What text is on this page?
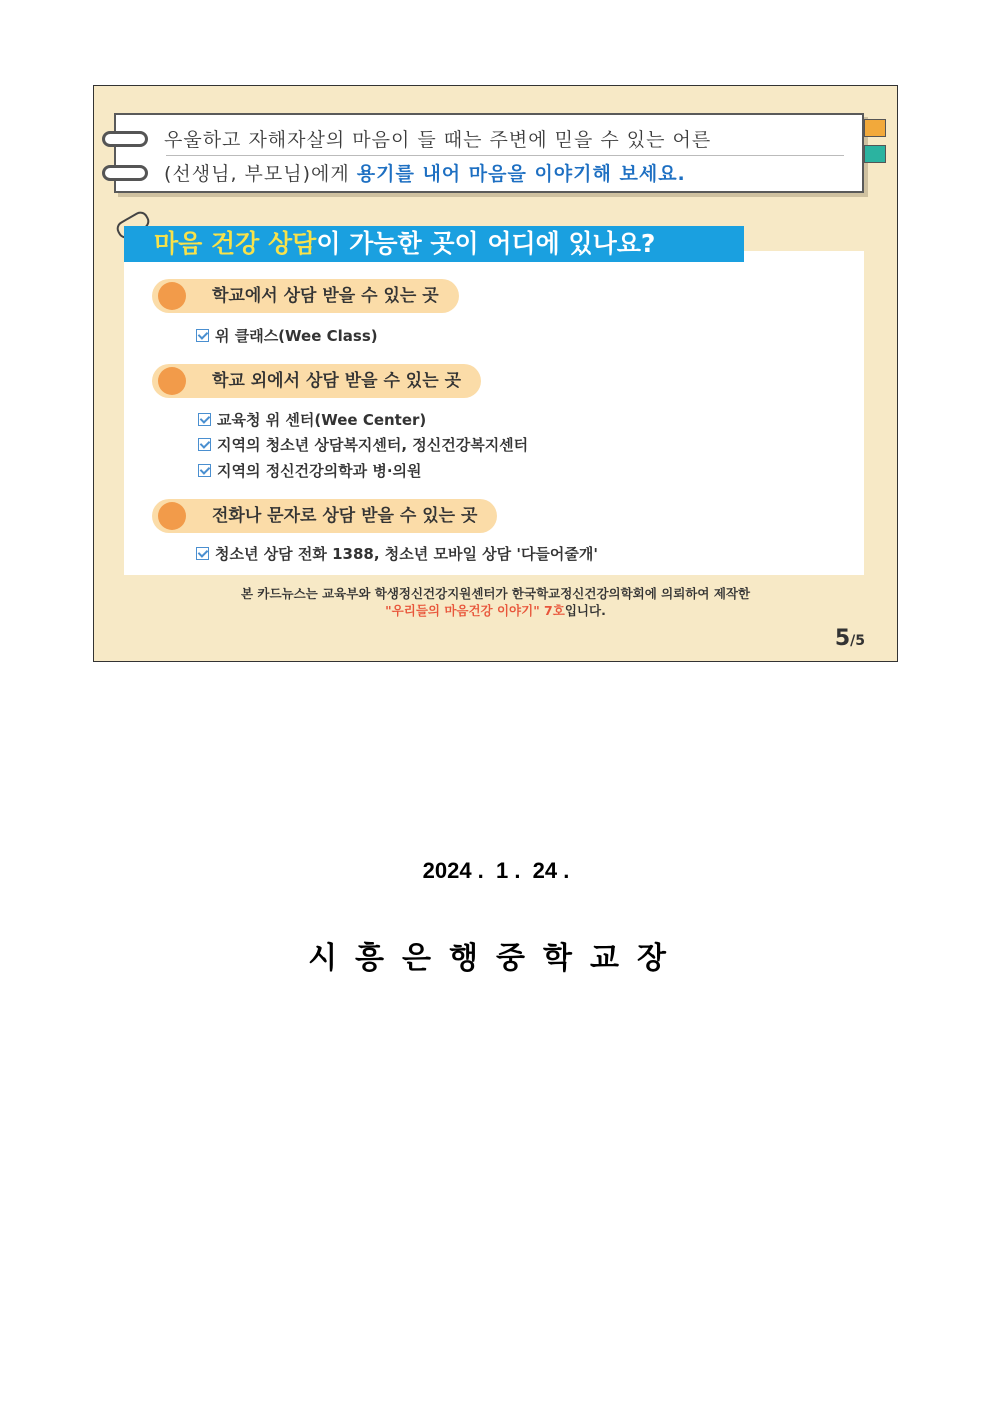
우울하고 자해자살의 마음이 들 때는 주변에 믿을 수 있는 어른
(선생님, 부모님)에게 용기를 내어 마음을 이야기해 보세요.
학교에서 상담 받을 수 있는 곳
위 클래스(Wee Class)
학교 외에서 상담 받을 수 있는 곳
교육청 위 센터(Wee Center)
지역의 청소년 상담복지센터, 정신건강복지센터
지역의 정신건강의학과 병·의원
전화나 문자로 상담 받을 수 있는 곳
청소년 상담 전화 1388, 청소년 모바일 상담 '다들어줄개'
마음 건강 상담이 가능한 곳이 어디에 있나요?
본 카드뉴스는 교육부와 학생정신건강지원센터가 한국학교정신건강의학회에 의뢰하여 제작한
"우리들의 마음건강 이야기" 7호입니다.
5/5
2024 .  1 .  24 .
시흥은행중학교장
